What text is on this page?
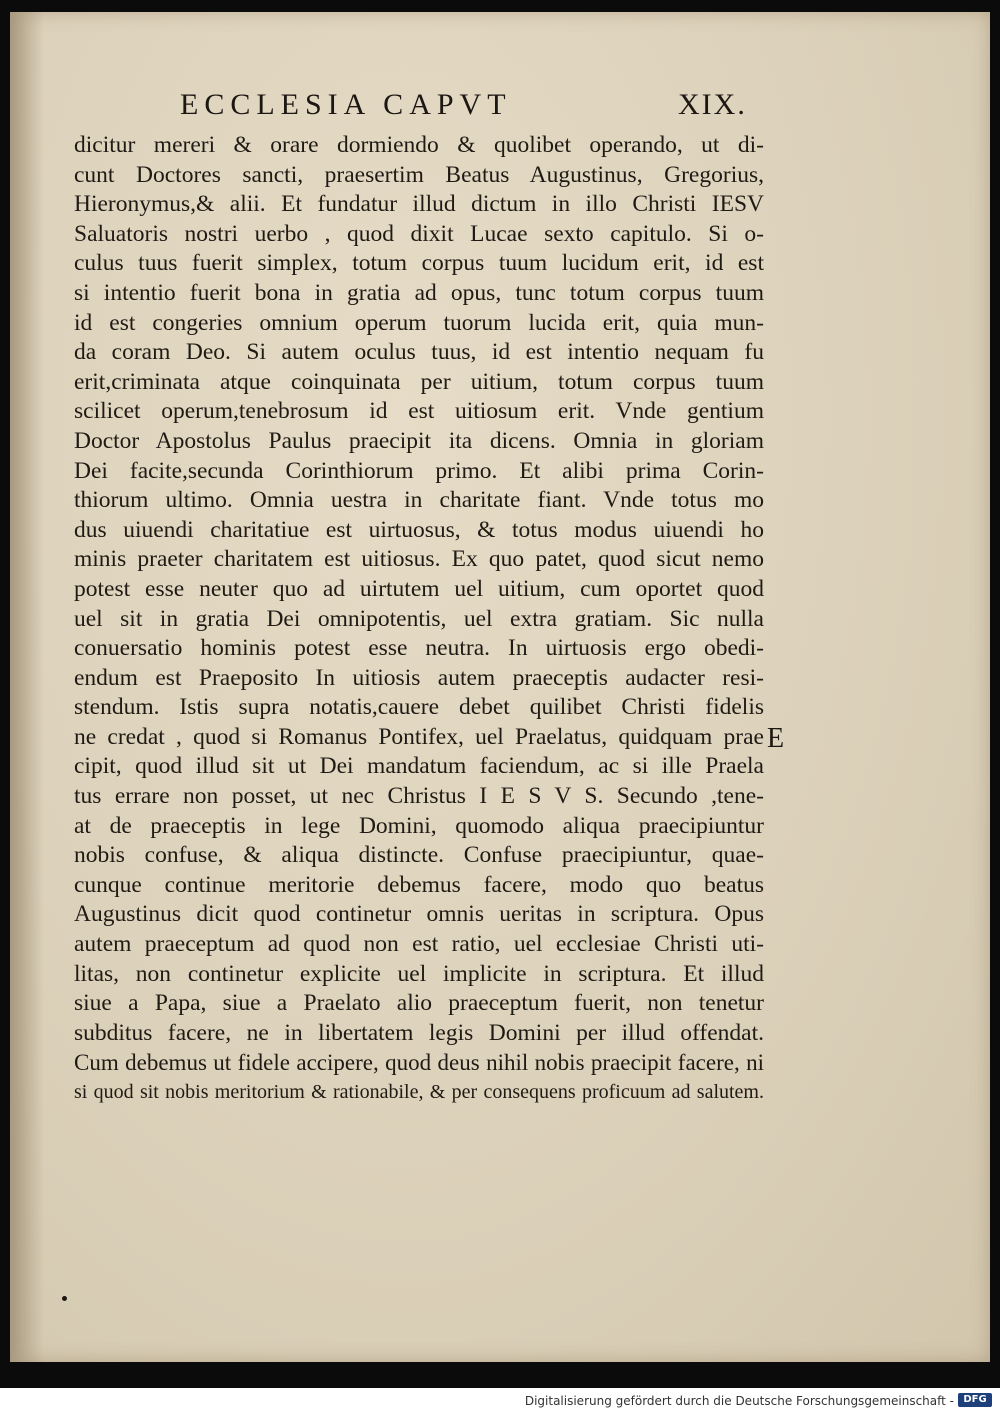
ECCLESIA CAPVT	XIX.
dicitur mereri & orare dormiendo & quolibet operando, ut di-
cunt Doctores sancti, praesertim Beatus Augustinus, Gregorius,
Hieronymus,& alii. Et fundatur illud dictum in illo Christi IESV
Saluatoris nostri uerbo , quod dixit Lucae sexto capitulo. Si o-
culus tuus fuerit simplex, totum corpus tuum lucidum erit, id est
si intentio fuerit bona in gratia ad opus, tunc totum corpus tuum
id est congeries omnium operum tuorum lucida erit, quia mun-
da coram Deo. Si autem oculus tuus, id est intentio nequam fu
erit,criminata atque coinquinata per uitium, totum corpus tuum
scilicet operum,tenebrosum id est uitiosum erit. Vnde gentium
Doctor Apostolus Paulus praecipit ita dicens. Omnia in gloriam
Dei facite,secunda Corinthiorum primo. Et alibi prima Corin-
thiorum ultimo. Omnia uestra in charitate fiant. Vnde totus mo
dus uiuendi charitatiue est uirtuosus, & totus modus uiuendi ho
minis praeter charitatem est uitiosus. Ex quo patet, quod sicut nemo
potest esse neuter quo ad uirtutem uel uitium, cum oportet quod
uel sit in gratia Dei omnipotentis, uel extra gratiam. Sic nulla
conuersatio hominis potest esse neutra. In uirtuosis ergo obedi-
endum est Praeposito In uitiosis autem praeceptis audacter resi-
stendum. Istis supra notatis,cauere debet quilibet Christi fidelis
ne credat , quod si Romanus Pontifex, uel Praelatus, quidquam prae
cipit, quod illud sit ut Dei mandatum faciendum, ac si ille Praela
tus errare non posset, ut nec Christus I E S V S. Secundo ,tene-
at de praeceptis in lege Domini, quomodo aliqua praecipiuntur
nobis confuse, & aliqua distincte. Confuse praecipiuntur, quae-
cunque continue meritorie debemus facere, modo quo beatus
Augustinus dicit quod continetur omnis ueritas in scriptura. Opus
autem praeceptum ad quod non est ratio, uel ecclesiae Christi uti-
litas, non continetur explicite uel implicite in scriptura. Et illud
siue a Papa, siue a Praelato alio praeceptum fuerit, non tenetur
subditus facere, ne in libertatem legis Domini per illud offendat.
Cum debemus ut fidele accipere, quod deus nihil nobis praecipit facere, ni
si quod sit nobis meritorium & rationabile, & per consequens proficuum ad salutem.
E
Digitalisierung gefördert durch die Deutsche Forschungsgemeinschaft - DFG
